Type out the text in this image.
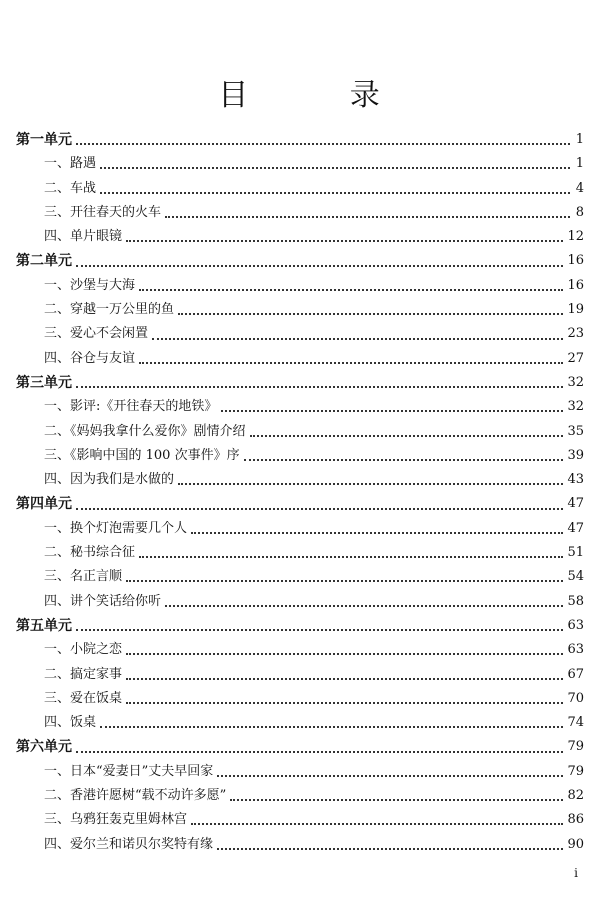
目 录
第一单元	1
一、路遇	1
二、车战	4
三、开往春天的火车	8
四、单片眼镜	12
第二单元	16
一、沙堡与大海	16
二、穿越一万公里的鱼	19
三、爱心不会闲置	23
四、谷仓与友谊	27
第三单元	32
一、影评:《开往春天的地铁》	32
二、《妈妈我拿什么爱你》剧情介绍	35
三、《影响中国的 100 次事件》序	39
四、因为我们是水做的	43
第四单元	47
一、换个灯泡需要几个人	47
二、秘书综合征	51
三、名正言顺	54
四、讲个笑话给你听	58
第五单元	63
一、小院之恋	63
二、搞定家事	67
三、爱在饭桌	70
四、饭桌	74
第六单元	79
一、日本“爱妻日”丈夫早回家	79
二、香港许愿树“载不动许多愿”	82
三、乌鸦狂轰克里姆林宫	86
四、爱尔兰和诺贝尔奖特有缘	90
i
